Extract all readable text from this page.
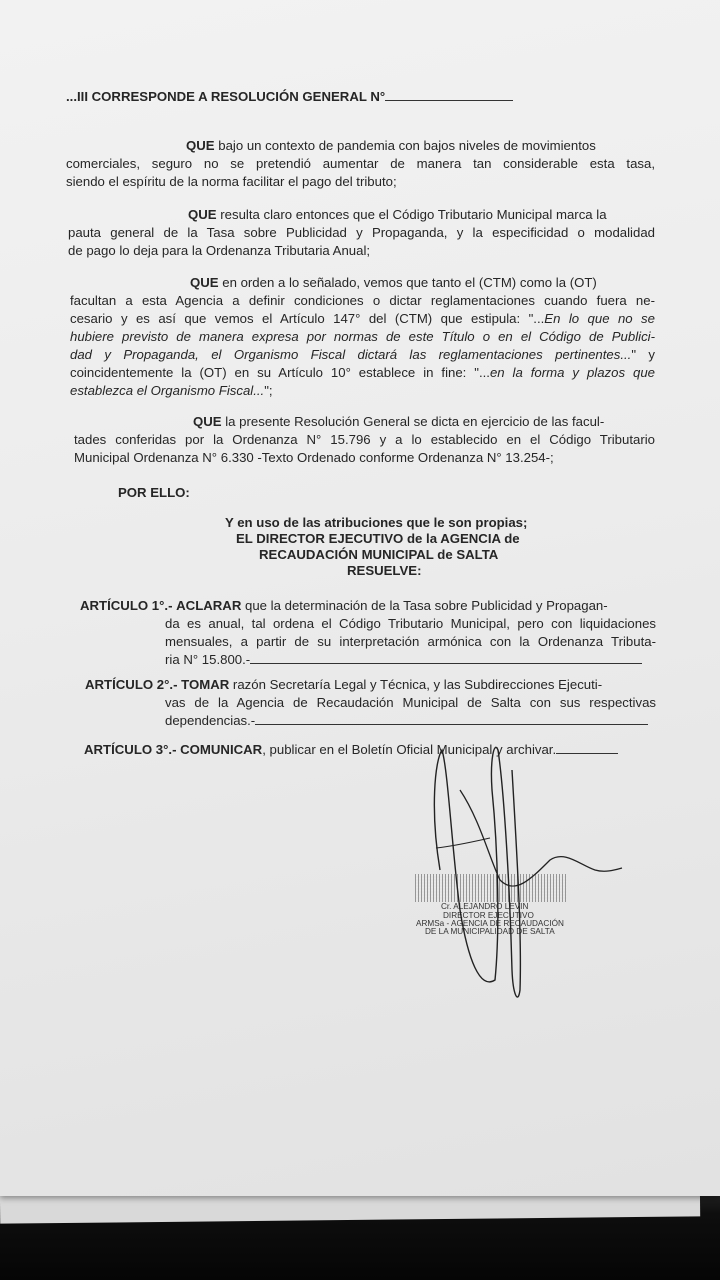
...III CORRESPONDE A RESOLUCIÓN GENERAL N°
QUE bajo un contexto de pandemia con bajos niveles de movimientos
comerciales, seguro no se pretendió aumentar de manera tan considerable esta tasa,
siendo el espíritu de la norma facilitar el pago del tributo;
QUE resulta claro entonces que el Código Tributario Municipal marca la
pauta general de la Tasa sobre Publicidad y Propaganda, y la especificidad o modalidad
de pago lo deja para la Ordenanza Tributaria Anual;
QUE en orden a lo señalado, vemos que tanto el (CTM) como la (OT)
facultan a esta Agencia a definir condiciones o dictar reglamentaciones cuando fuera ne-
cesario y es así que vemos el Artículo 147° del (CTM) que estipula: "...En lo que no se
hubiere previsto de manera expresa por normas de este Título o en el Código de Publici-
dad y Propaganda, el Organismo Fiscal dictará las reglamentaciones pertinentes..." y
coincidentemente la (OT) en su Artículo 10° establece in fine: "...en la forma y plazos que
establezca el Organismo Fiscal...";
QUE la presente Resolución General se dicta en ejercicio de las facul-
tades conferidas por la Ordenanza N° 15.796 y a lo establecido en el Código Tributario
Municipal Ordenanza N° 6.330 -Texto Ordenado conforme Ordenanza N° 13.254-;
POR ELLO:
Y en uso de las atribuciones que le son propias;
EL DIRECTOR EJECUTIVO de la AGENCIA de
RECAUDACIÓN MUNICIPAL de SALTA
RESUELVE:
ARTÍCULO 1°.- ACLARAR que la determinación de la Tasa sobre Publicidad y Propagan-
da es anual, tal ordena el Código Tributario Municipal, pero con liquidaciones
mensuales, a partir de su interpretación armónica con la Ordenanza Tributa-
ria N° 15.800.-
ARTÍCULO 2°.- TOMAR razón Secretaría Legal y Técnica, y las Subdirecciones Ejecuti-
vas de la Agencia de Recaudación Municipal de Salta con sus respectivas
dependencias.-
ARTÍCULO 3°.- COMUNICAR, publicar en el Boletín Oficial Municipal y archivar.
Cr. ALEJANDRO LEVIN
DIRECTOR EJECUTIVO
ARMSa - AGENCIA DE RECAUDACIÓN
DE LA MUNICIPALIDAD DE SALTA
